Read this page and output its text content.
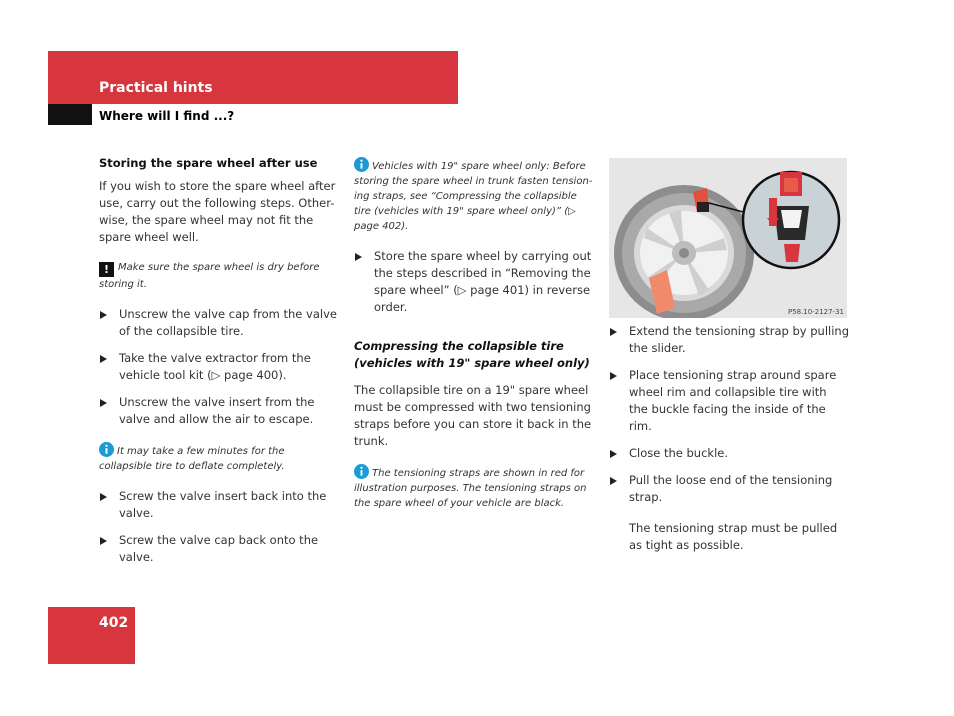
Practical hints
Where will I find ...?
Storing the spare wheel after use
If you wish to store the spare wheel after use, carry out the following steps. Other-wise, the spare wheel may not fit the spare wheel well.
! Make sure the spare wheel is dry before storing it.
Unscrew the valve cap from the valve of the collapsible tire.
Take the valve extractor from the vehicle tool kit (▷ page 400).
Unscrew the valve insert from the valve and allow the air to escape.
It may take a few minutes for the collapsible tire to deflate completely.
Screw the valve insert back into the valve.
Screw the valve cap back onto the valve.
Vehicles with 19" spare wheel only: Before storing the spare wheel in trunk fasten tension-ing straps, see “Compressing the collapsible tire (vehicles with 19" spare wheel only)” (▷ page 402).
Store the spare wheel by carrying out the steps described in “Removing the spare wheel” (▷ page 401) in reverse order.
Compressing the collapsible tire (vehicles with 19" spare wheel only)
The collapsible tire on a 19" spare wheel must be compressed with two tensioning straps before you can store it back in the trunk.
The tensioning straps are shown in red for illustration purposes. The tensioning straps on the spare wheel of your vehicle are black.
P58.10-2127-31
Extend the tensioning strap by pulling the slider.
Place tensioning strap around spare wheel rim and collapsible tire with the buckle facing the inside of the rim.
Close the buckle.
Pull the loose end of the tensioning strap.
The tensioning strap must be pulled as tight as possible.
402
